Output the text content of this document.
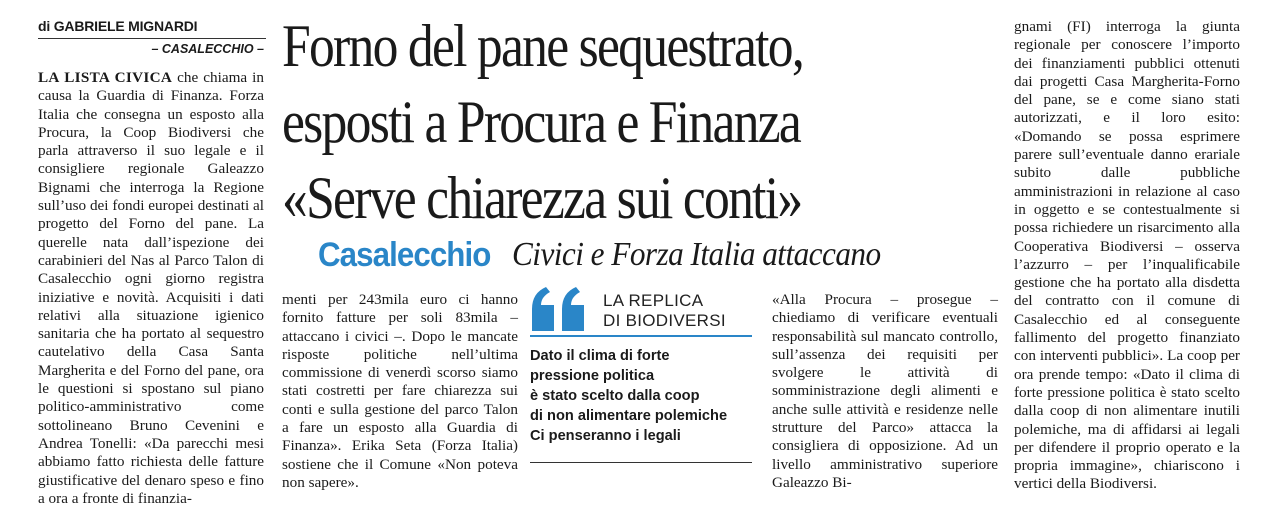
di GABRIELE MIGNARDI
– CASALECCHIO –

LA LISTA CIVICA che chiama in causa la Guardia di Finanza. Forza Italia che consegna un esposto alla Procura, la Coop Biodiversi che parla attraverso il suo legale e il consigliere regionale Galeazzo Bignami che interroga la Regione sull’uso dei fondi europei destinati al progetto del Forno del pane. La querelle nata dall’ispezione dei carabinieri del Nas al Parco Talon di Casalecchio ogni giorno registra iniziative e novità. Acquisiti i dati relativi alla situazione igienico sanitaria che ha portato al sequestro cautelativo della Casa Santa Margherita e del Forno del pane, ora le questioni si spostano sul piano politico-amministrativo come sottolineano Bruno Cevenini e Andrea Tonelli: «Da parecchi mesi abbiamo fatto richiesta delle fatture giustificative del denaro speso e fino a ora a fronte di finanzia-

Forno del pane sequestrato,
esposti a Procura e Finanza
«Serve chiarezza sui conti»
Casalecchio Civici e Forza Italia attaccano

menti per 243mila euro ci hanno fornito fatture per soli 83mila – attaccano i civici –. Dopo le mancate risposte politiche nell’ultima commissione di venerdì scorso siamo stati costretti per fare chiarezza sui conti e sulla gestione del parco Talon a fare un esposto alla Guardia di Finanza». Erika Seta (Forza Italia) sostiene che il Comune «Non poteva non sapere».

LA REPLICA
DI BIODIVERSI
Dato il clima di forte
pressione politica
è stato scelto dalla coop
di non alimentare polemiche
Ci penseranno i legali

«Alla Procura – prosegue – chiediamo di verificare eventuali responsabilità sul mancato controllo, sull’assenza dei requisiti per svolgere le attività di somministrazione degli alimenti e anche sulle attività e residenze nelle strutture del Parco» attacca la consigliera di opposizione. Ad un livello amministrativo superiore Galeazzo Bi-

gnami (FI) interroga la giunta regionale per conoscere l’importo dei finanziamenti pubblici ottenuti dai progetti Casa Margherita-Forno del pane, se e come siano stati autorizzati, e il loro esito: «Domando se possa esprimere parere sull’eventuale danno erariale subito dalle pubbliche amministrazioni in relazione al caso in oggetto e se contestualmente si possa richiedere un risarcimento alla Cooperativa Biodiversi – osserva l’azzurro – per l’inqualificabile gestione che ha portato alla disdetta del contratto con il comune di Casalecchio ed al conseguente fallimento del progetto finanziato con interventi pubblici». La coop per ora prende tempo: «Dato il clima di forte pressione politica è stato scelto dalla coop di non alimentare inutili polemiche, ma di affidarsi ai legali per difendere il proprio operato e la propria immagine», chiariscono i vertici della Biodiversi.
